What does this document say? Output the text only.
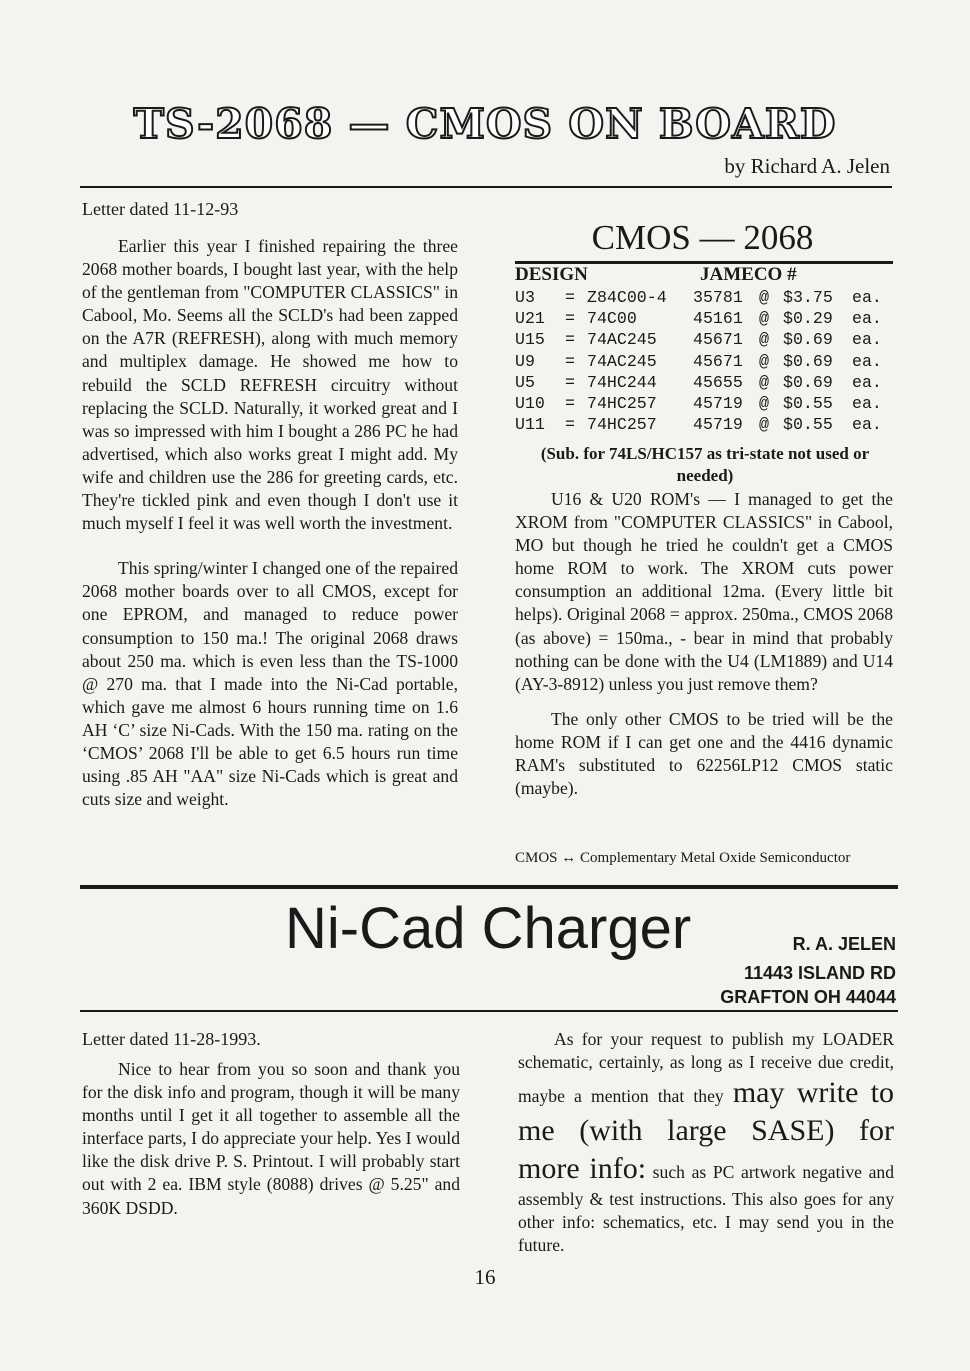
TS-2068 — CMOS ON BOARD
by Richard A. Jelen
Letter dated 11-12-93

Earlier this year I finished repairing the three 2068 mother boards, I bought last year, with the help of the gentleman from "COMPUTER CLASSICS" in Cabool, Mo. Seems all the SCLD's had been zapped on the A7R (REFRESH), along with much memory and multiplex damage. He showed me how to rebuild the SCLD REFRESH circuitry without replacing the SCLD. Naturally, it worked great and I was so impressed with him I bought a 286 PC he had advertised, which also works great I might add. My wife and children use the 286 for greeting cards, etc. They're tickled pink and even though I don't use it much myself I feel it was well worth the investment.

This spring/winter I changed one of the repaired 2068 mother boards over to all CMOS, except for one EPROM, and managed to reduce power consumption to 150 ma.! The original 2068 draws about 250 ma. which is even less than the TS-1000 @ 270 ma. that I made into the Ni-Cad portable, which gave me almost 6 hours running time on 1.6 AH ‘C’ size Ni-Cads. With the 150 ma. rating on the ‘CMOS’ 2068 I'll be able to get 6.5 hours run time using .85 AH "AA" size Ni-Cads which is great and cuts size and weight.

CMOS — 2068
DESIGN	JAMECO #
U3 = Z84C00-4 35781 @ $3.75 ea.
U21 = 74C00	45161 @ $0.29 ea.
U15 = 74AC245 45671 @ $0.69 ea.
U9 = 74AC245 45671 @ $0.69 ea.
U5 = 74HC244 45655 @ $0.69 ea.
U10 = 74HC257 45719 @ $0.55 ea.
U11 = 74HC257 45719 @ $0.55 ea.
(Sub. for 74LS/HC157 as tri-state not used or needed)

U16 & U20 ROM's — I managed to get the XROM from "COMPUTER CLASSICS" in Cabool, MO but though he tried he couldn't get a CMOS home ROM to work. The XROM cuts power consumption an additional 12ma. (Every little bit helps). Original 2068 = approx. 250ma., CMOS 2068 (as above) = 150ma., - bear in mind that probably nothing can be done with the U4 (LM1889) and U14 (AY-3-8912) unless you just remove them?

The only other CMOS to be tried will be the home ROM if I can get one and the 4416 dynamic RAM's substituted to 62256LP12 CMOS static (maybe).

CMOS ↔ Complementary Metal Oxide Semiconductor
Ni-Cad Charger	R. A. JELEN
11443 ISLAND RD
GRAFTON OH 44044
Letter dated 11-28-1993.

Nice to hear from you so soon and thank you for the disk info and program, though it will be many months until I get it all together to assemble all the interface parts, I do appreciate your help. Yes I would like the disk drive P. S. Printout. I will probably start out with 2 ea. IBM style (8088) drives @ 5.25" and 360K DSDD.

As for your request to publish my LOADER schematic, certainly, as long as I receive due credit, maybe a mention that they may write to me (with large SASE) for more info: such as PC artwork negative and assembly & test instructions. This also goes for any other info: schematics, etc. I may send you in the future.

16
